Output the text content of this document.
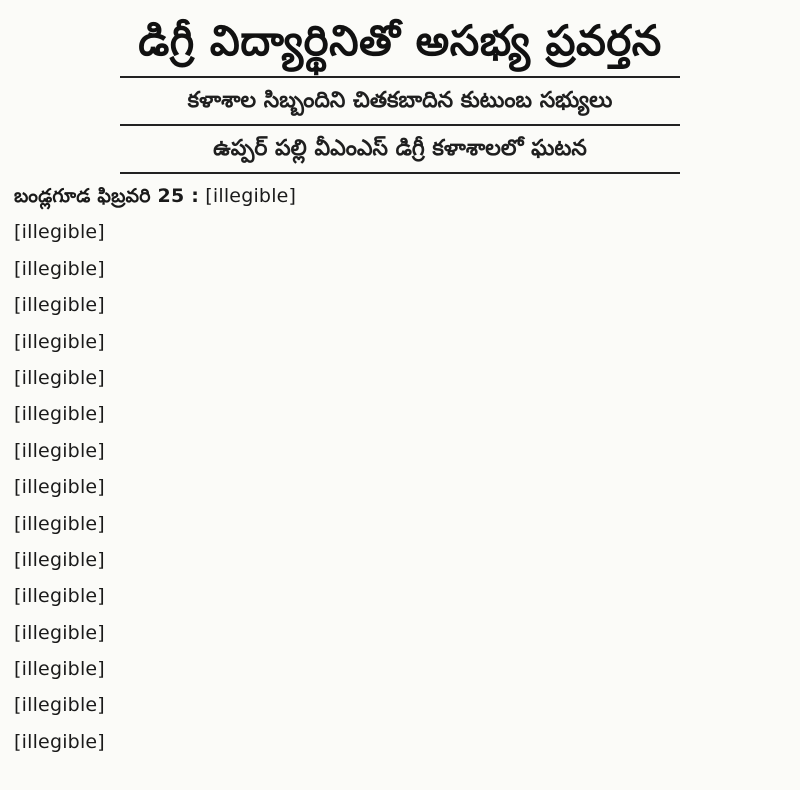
డిగ్రీ విద్యార్థినితో అసభ్య ప్రవర్తన
కళాశాల సిబ్బందిని చితకబాదిన కుటుంబ సభ్యులు
ఉప్పర్ పల్లి వీఎంఎస్ డిగ్రీ కళాశాలలో ఘటన
బండ్లగూడ ఫిబ్రవరి 25 : [illegible]
[illegible]
[illegible]
[illegible]
[illegible]
[illegible]
[illegible]
[illegible]
[illegible]
[illegible]
[illegible]
[illegible]
[illegible]
[illegible]
[illegible]
[illegible]
